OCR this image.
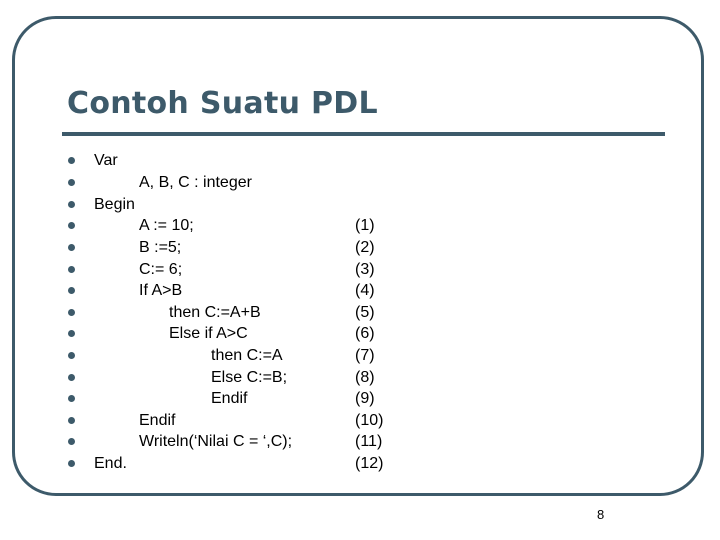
Contoh Suatu PDL
Var
A, B, C : integer
Begin
A := 10;	(1)
B :=5;	(2)
C:= 6;	(3)
If A>B	(4)
then C:=A+B	(5)
Else if A>C	(6)
then C:=A	(7)
Else C:=B;	(8)
Endif	(9)
Endif	(10)
Writeln(‘Nilai C = ‘,C);	(11)
End.	(12)
8
